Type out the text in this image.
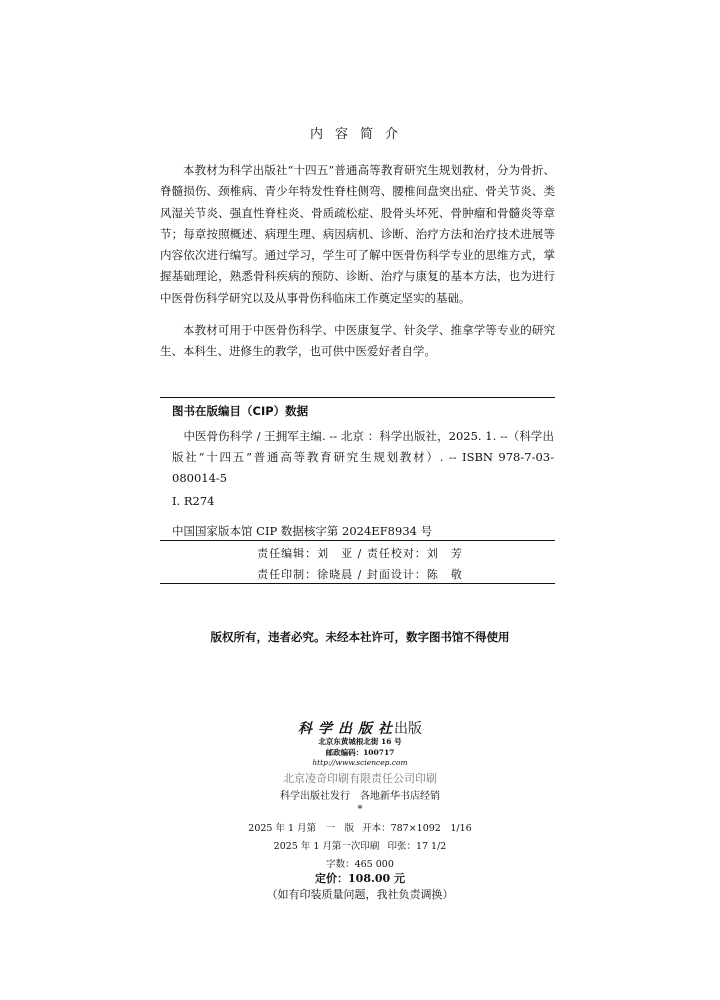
内容简介

本教材为科学出版社“十四五”普通高等教育研究生规划教材，分为骨折、脊髓损伤、颈椎病、青少年特发性脊柱侧弯、腰椎间盘突出症、骨关节炎、类风湿关节炎、强直性脊柱炎、骨质疏松症、股骨头坏死、骨肿瘤和骨髓炎等章节；每章按照概述、病理生理、病因病机、诊断、治疗方法和治疗技术进展等内容依次进行编写。通过学习，学生可了解中医骨伤科学专业的思维方式，掌握基础理论，熟悉骨科疾病的预防、诊断、治疗与康复的基本方法，也为进行中医骨伤科学研究以及从事骨伤科临床工作奠定坚实的基础。

本教材可用于中医骨伤科学、中医康复学、针灸学、推拿学等专业的研究生、本科生、进修生的教学，也可供中医爱好者自学。

图书在版编目（CIP）数据

中医骨伤科学 / 王拥军主编. -- 北京 ：科学出版社，2025. 1. --（科学出版社“十四五”普通高等教育研究生规划教材）. -- ISBN 978-7-03-080014-5

Ⅰ. R274
中国国家版本馆 CIP 数据核字第 2024EF8934 号
责任编辑：刘　亚 / 责任校对：刘　芳
责任印制：徐晓晨 / 封面设计：陈　敬
版权所有，违者必究。未经本社许可，数字图书馆不得使用
科学出版社出版
北京东黄城根北街 16 号
邮政编码：100717
http://www.sciencep.com
北京凌奇印刷有限责任公司印刷
科学出版社发行　各地新华书店经销
*
2025 年 1 月第　一　版 开本：787×1092　1/16
2025 年 1 月第一次印刷 印张：17 1/2
字数：465 000
定价：108.00 元
（如有印装质量问题，我社负责调换）
